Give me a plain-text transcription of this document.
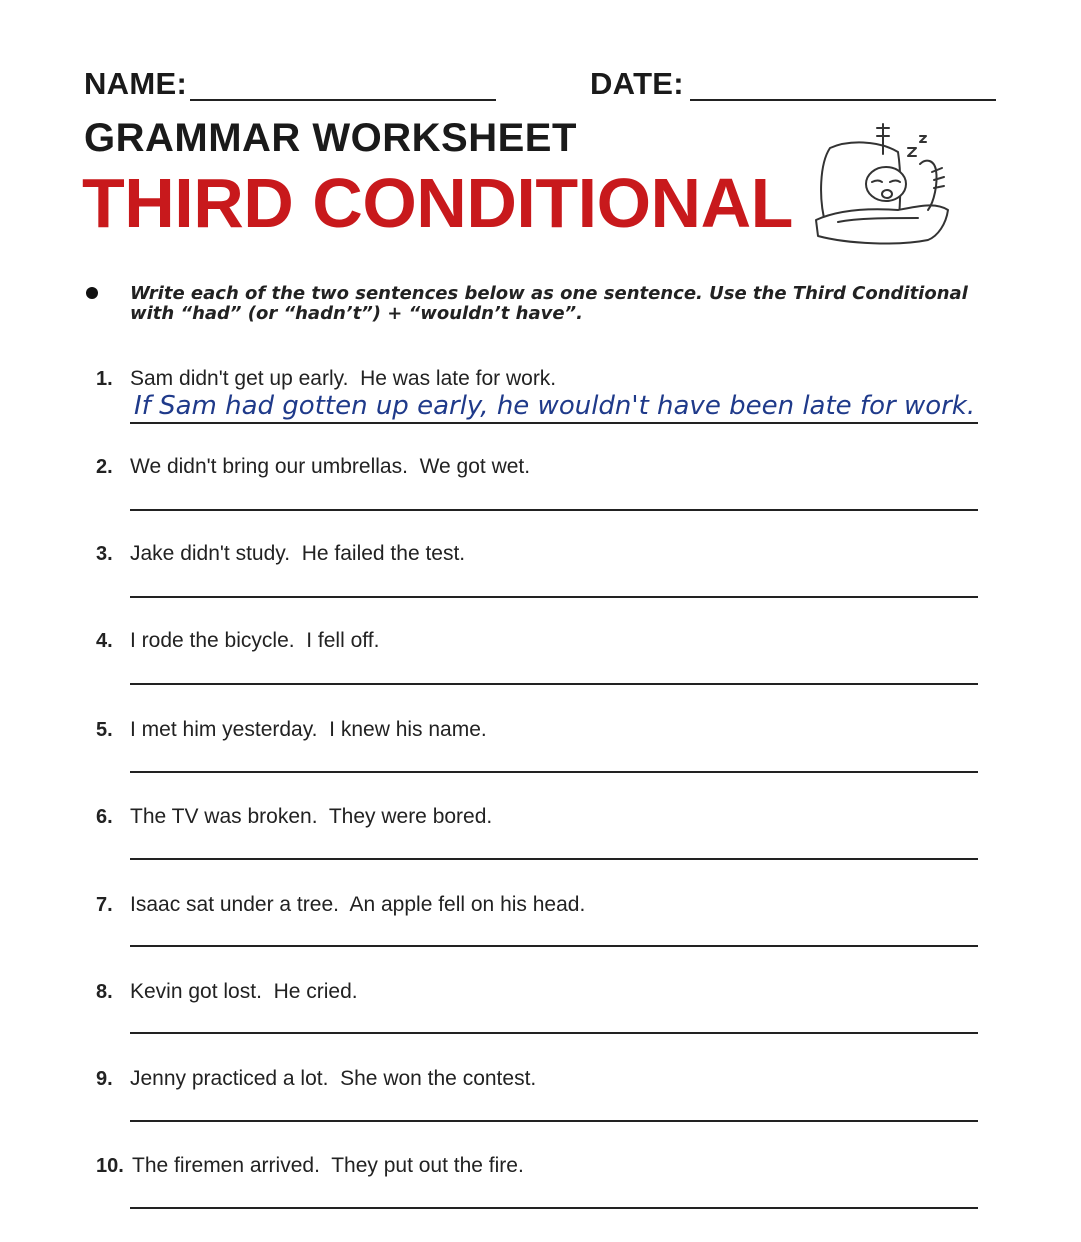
NAME:	DATE:
GRAMMAR WORKSHEET
THIRD CONDITIONAL
Write each of the two sentences below as one sentence. Use the Third Conditional
with “had” (or “hadn’t”) + “wouldn’t have”.
1. Sam didn't get up early.  He was late for work.
If Sam had gotten up early, he wouldn't have been late for work.
2. We didn't bring our umbrellas.  We got wet.
3. Jake didn't study.  He failed the test.
4. I rode the bicycle.  I fell off.
5. I met him yesterday.  I knew his name.
6. The TV was broken.  They were bored.
7. Isaac sat under a tree.  An apple fell on his head.
8. Kevin got lost.  He cried.
9. Jenny practiced a lot.  She won the contest.
10. The firemen arrived.  They put out the fire.
